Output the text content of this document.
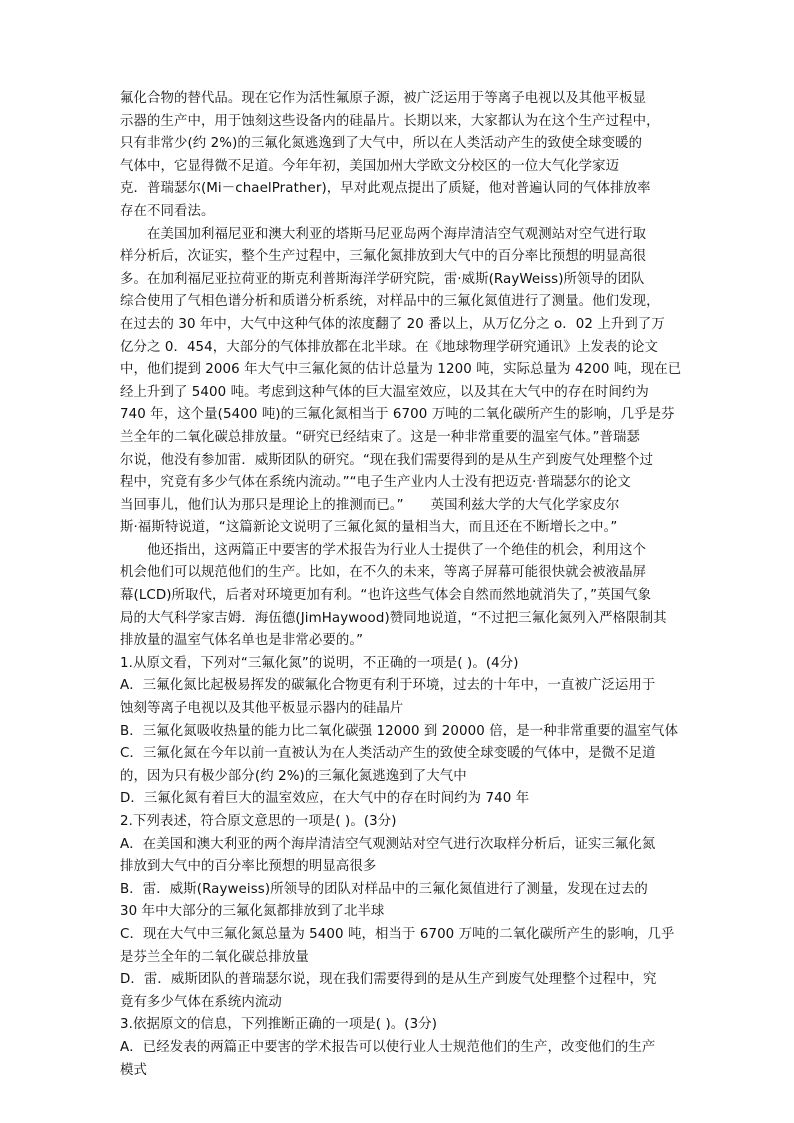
氟化合物的替代品。现在它作为活性氟原子源，被广泛运用于等离子电视以及其他平板显
示器的生产中，用于蚀刻这些设备内的硅晶片。长期以来，大家都认为在这个生产过程中，
只有非常少(约 2%)的三氟化氮逃逸到了大气中，所以在人类活动产生的致使全球变暖的
气体中，它显得微不足道。今年年初，美国加州大学欧文分校区的一位大气化学家迈
克．普瑞瑟尔(Mi－chaelPrather)，早对此观点提出了质疑，他对普遍认同的气体排放率
存在不同看法。
在美国加利福尼亚和澳大利亚的塔斯马尼亚岛两个海岸清洁空气观测站对空气进行取
样分析后，次证实，整个生产过程中，三氟化氮排放到大气中的百分率比预想的明显高很
多。在加利福尼亚拉荷亚的斯克利普斯海洋学研究院，雷·威斯(RayWeiss)所领导的团队
综合使用了气相色谱分析和质谱分析系统，对样品中的三氟化氮值进行了测量。他们发现，
在过去的 30 年中，大气中这种气体的浓度翻了 20 番以上，从万亿分之 o．02 上升到了万
亿分之 0．454，大部分的气体排放都在北半球。在《地球物理学研究通讯》上发表的论文
中，他们提到 2006 年大气中三氟化氮的估计总量为 1200 吨，实际总量为 4200 吨，现在已
经上升到了 5400 吨。考虑到这种气体的巨大温室效应，以及其在大气中的存在时间约为
740 年，这个量(5400 吨)的三氟化氮相当于 6700 万吨的二氧化碳所产生的影响，几乎是芬
兰全年的二氧化碳总排放量。“研究已经结束了。这是一种非常重要的温室气体。”普瑞瑟
尔说，他没有参加雷．威斯团队的研究。“现在我们需要得到的是从生产到废气处理整个过
程中，究竟有多少气体在系统内流动。”“电子生产业内人士没有把迈克·普瑞瑟尔的论文
当回事儿，他们认为那只是理论上的推测而已。”　　英国利兹大学的大气化学家皮尔
斯·福斯特说道，“这篇新论文说明了三氟化氮的量相当大，而且还在不断增长之中。”
他还指出，这两篇正中要害的学术报告为行业人士提供了一个绝佳的机会，利用这个
机会他们可以规范他们的生产。比如，在不久的未来，等离子屏幕可能很快就会被液晶屏
幕(LCD)所取代，后者对环境更加有利。“也许这些气体会自然而然地就消失了，”英国气象
局的大气科学家吉姆．海伍德(JimHaywood)赞同地说道，“不过把三氟化氮列入严格限制其
排放量的温室气体名单也是非常必要的。”
1.从原文看，下列对“三氟化氮”的说明，不正确的一项是( )。(4分)
A．三氟化氮比起极易挥发的碳氟化合物更有利于环境，过去的十年中，一直被广泛运用于
蚀刻等离子电视以及其他平板显示器内的硅晶片
B．三氟化氮吸收热量的能力比二氧化碳强 12000 到 20000 倍，是一种非常重要的温室气体
C．三氟化氮在今年以前一直被认为在人类活动产生的致使全球变暖的气体中，是微不足道
的，因为只有极少部分(约 2%)的三氟化氮逃逸到了大气中
D．三氟化氮有着巨大的温室效应，在大气中的存在时间约为 740 年
2.下列表述，符合原文意思的一项是( )。(3分)
A．在美国和澳大利亚的两个海岸清洁空气观测站对空气进行次取样分析后，证实三氟化氮
排放到大气中的百分率比预想的明显高很多
B．雷．威斯(Rayweiss)所领导的团队对样品中的三氟化氮值进行了测量，发现在过去的
30 年中大部分的三氟化氮都排放到了北半球
C．现在大气中三氟化氮总量为 5400 吨，相当于 6700 万吨的二氧化碳所产生的影响，几乎
是芬兰全年的二氧化碳总排放量
D．雷．威斯团队的普瑞瑟尔说，现在我们需要得到的是从生产到废气处理整个过程中，究
竟有多少气体在系统内流动
3.依据原文的信息，下列推断正确的一项是( )。(3分)
A．已经发表的两篇正中要害的学术报告可以使行业人士规范他们的生产，改变他们的生产
模式
